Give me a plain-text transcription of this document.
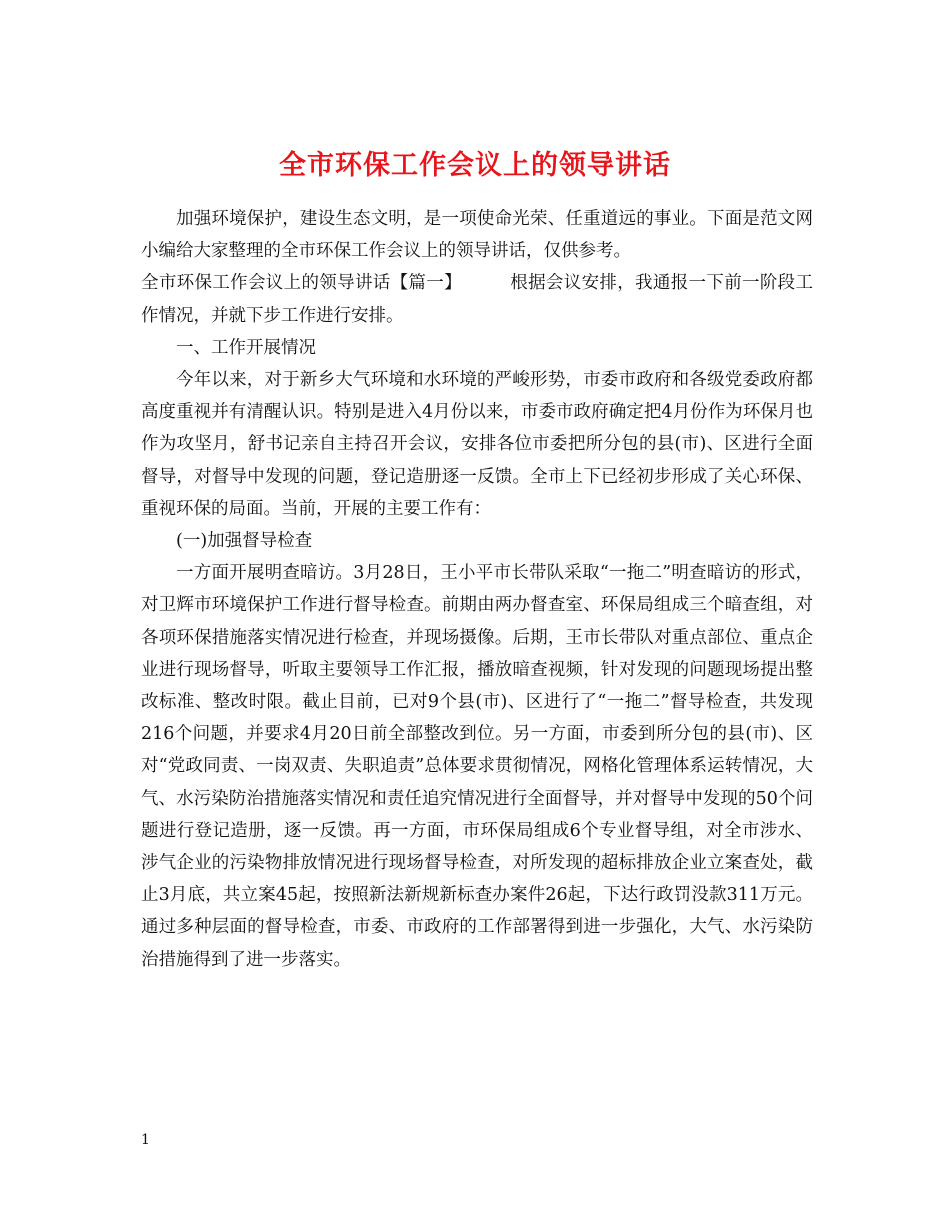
全市环保工作会议上的领导讲话

加强环境保护，建设生态文明，是一项使命光荣、任重道远的事业。下面是范文网小编给大家整理的全市环保工作会议上的领导讲话，仅供参考。

全市环保工作会议上的领导讲话【篇一】	根据会议安排，我通报一下前一阶段工作情况，并就下步工作进行安排。

一、工作开展情况

今年以来，对于新乡大气环境和水环境的严峻形势，市委市政府和各级党委政府都高度重视并有清醒认识。特别是进入4月份以来，市委市政府确定把4月份作为环保月也作为攻坚月，舒书记亲自主持召开会议，安排各位市委把所分包的县(市)、区进行全面督导，对督导中发现的问题，登记造册逐一反馈。全市上下已经初步形成了关心环保、重视环保的局面。当前，开展的主要工作有：

(一)加强督导检查

一方面开展明查暗访。3月28日，王小平市长带队采取“一拖二”明查暗访的形式，对卫辉市环境保护工作进行督导检查。前期由两办督查室、环保局组成三个暗查组，对各项环保措施落实情况进行检查，并现场摄像。后期，王市长带队对重点部位、重点企业进行现场督导，听取主要领导工作汇报，播放暗查视频，针对发现的问题现场提出整改标准、整改时限。截止目前，已对9个县(市)、区进行了“一拖二”督导检查，共发现216个问题，并要求4月20日前全部整改到位。另一方面，市委到所分包的县(市)、区对“党政同责、一岗双责、失职追责”总体要求贯彻情况，网格化管理体系运转情况，大气、水污染防治措施落实情况和责任追究情况进行全面督导，并对督导中发现的50个问题进行登记造册，逐一反馈。再一方面，市环保局组成6个专业督导组，对全市涉水、涉气企业的污染物排放情况进行现场督导检查，对所发现的超标排放企业立案查处，截止3月底，共立案45起，按照新法新规新标查办案件26起，下达行政罚没款311万元。通过多种层面的督导检查，市委、市政府的工作部署得到进一步强化，大气、水污染防治措施得到了进一步落实。

1
